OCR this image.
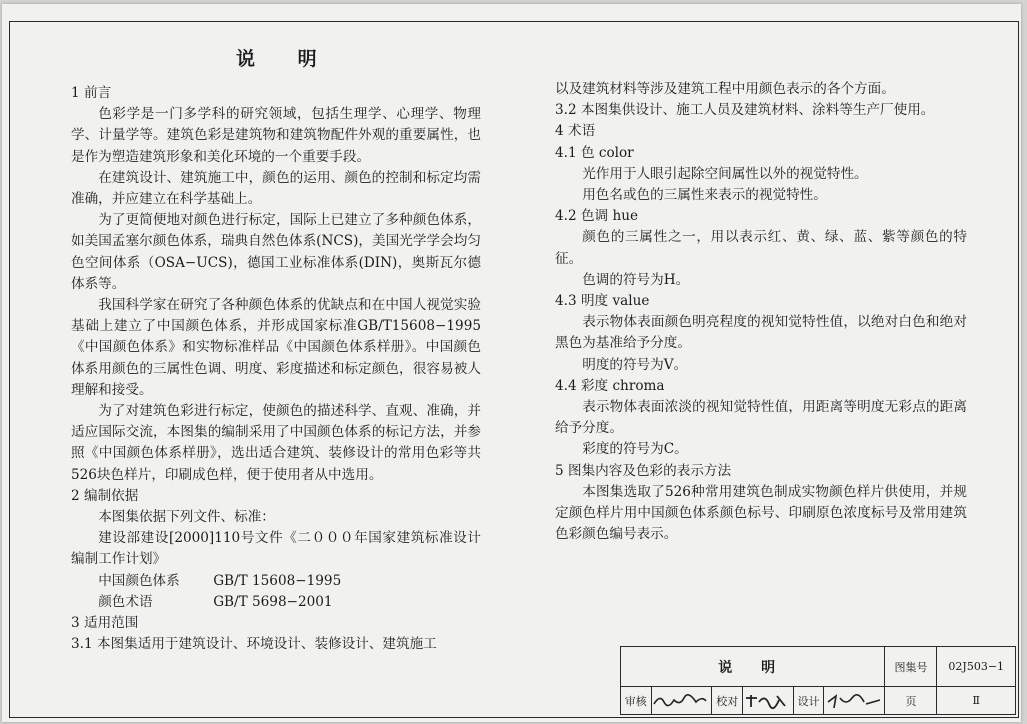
说 明

1 前言

色彩学是一门多学科的研究领域，包括生理学、心理学、物理学、计量学等。建筑色彩是建筑物和建筑物配件外观的重要属性，也是作为塑造建筑形象和美化环境的一个重要手段。

在建筑设计、建筑施工中，颜色的运用、颜色的控制和标定均需准确，并应建立在科学基础上。

为了更简便地对颜色进行标定，国际上已建立了多种颜色体系，如美国孟塞尔颜色体系，瑞典自然色体系(NCS)，美国光学学会均匀色空间体系（OSA−UCS)，德国工业标准体系(DIN)，奥斯瓦尔德体系等。

我国科学家在研究了各种颜色体系的优缺点和在中国人视觉实验基础上建立了中国颜色体系，并形成国家标准GB/T15608−1995《中国颜色体系》和实物标准样品《中国颜色体系样册》。中国颜色体系用颜色的三属性色调、明度、彩度描述和标定颜色，很容易被人理解和接受。

为了对建筑色彩进行标定，使颜色的描述科学、直观、准确，并适应国际交流，本图集的编制采用了中国颜色体系的标记方法，并参照《中国颜色体系样册》，选出适合建筑、装修设计的常用色彩等共526块色样片，印刷成色样，便于使用者从中选用。

2 编制依据

本图集依据下列文件、标准：

建设部建设[2000]110号文件《二０００年国家建筑标准设计编制工作计划》

中国颜色体系	GB/T 15608−1995
颜色术语	GB/T 5698−2001

3 适用范围

3.1 本图集适用于建筑设计、环境设计、装修设计、建筑施工

以及建筑材料等涉及建筑工程中用颜色表示的各个方面。

3.2 本图集供设计、施工人员及建筑材料、涂料等生产厂使用。

4 术语

4.1 色 color

光作用于人眼引起除空间属性以外的视觉特性。

用色名或色的三属性来表示的视觉特性。

4.2 色调 hue

颜色的三属性之一，用以表示红、黄、绿、蓝、紫等颜色的特征。

色调的符号为H。

4.3 明度 value

表示物体表面颜色明亮程度的视知觉特性值，以绝对白色和绝对黑色为基准给予分度。

明度的符号为V。

4.4 彩度 chroma

表示物体表面浓淡的视知觉特性值，用距离等明度无彩点的距离给予分度。

彩度的符号为C。

5 图集内容及色彩的表示方法

本图集选取了526种常用建筑色制成实物颜色样片供使用，并规定颜色样片用中国颜色体系颜色标号、印刷原色浓度标号及常用建筑色彩颜色编号表示。

说 明						图集号	02J503−1
审核		校对		设计		页	Ⅱ
